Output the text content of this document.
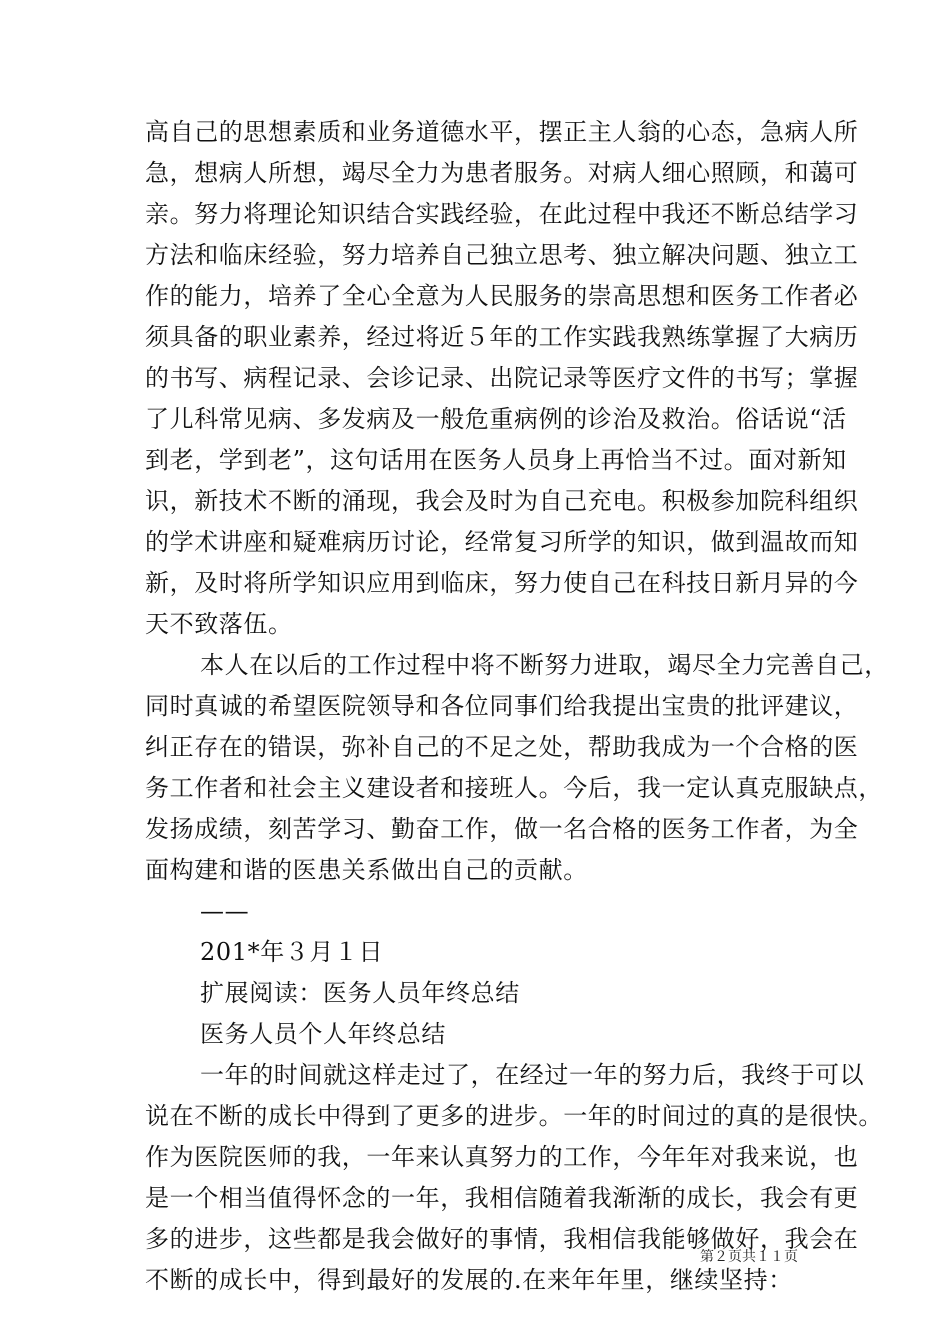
高自己的思想素质和业务道德水平，摆正主人翁的心态，急病人所
急，想病人所想，竭尽全力为患者服务。对病人细心照顾，和蔼可
亲。努力将理论知识结合实践经验，在此过程中我还不断总结学习
方法和临床经验，努力培养自己独立思考、独立解决问题、独立工
作的能力，培养了全心全意为人民服务的崇高思想和医务工作者必
须具备的职业素养，经过将近５年的工作实践我熟练掌握了大病历
的书写、病程记录、会诊记录、出院记录等医疗文件的书写；掌握
了儿科常见病、多发病及一般危重病例的诊治及救治。俗话说“活
到老，学到老”，这句话用在医务人员身上再恰当不过。面对新知
识，新技术不断的涌现，我会及时为自己充电。积极参加院科组织
的学术讲座和疑难病历讨论，经常复习所学的知识，做到温故而知
新，及时将所学知识应用到临床，努力使自己在科技日新月异的今
天不致落伍。
本人在以后的工作过程中将不断努力进取，竭尽全力完善自己，
同时真诚的希望医院领导和各位同事们给我提出宝贵的批评建议，
纠正存在的错误，弥补自己的不足之处，帮助我成为一个合格的医
务工作者和社会主义建设者和接班人。今后，我一定认真克服缺点，
发扬成绩，刻苦学习、勤奋工作，做一名合格的医务工作者，为全
面构建和谐的医患关系做出自己的贡献。
——
201*年３月１日
扩展阅读：医务人员年终总结
医务人员个人年终总结
一年的时间就这样走过了，在经过一年的努力后，我终于可以
说在不断的成长中得到了更多的进步。一年的时间过的真的是很快。
作为医院医师的我，一年来认真努力的工作，今年年对我来说，也
是一个相当值得怀念的一年，我相信随着我渐渐的成长，我会有更
多的进步，这些都是我会做好的事情，我相信我能够做好，我会在
不断的成长中，得到最好的发展的.在来年年里，继续坚持：
第２页共１１页
